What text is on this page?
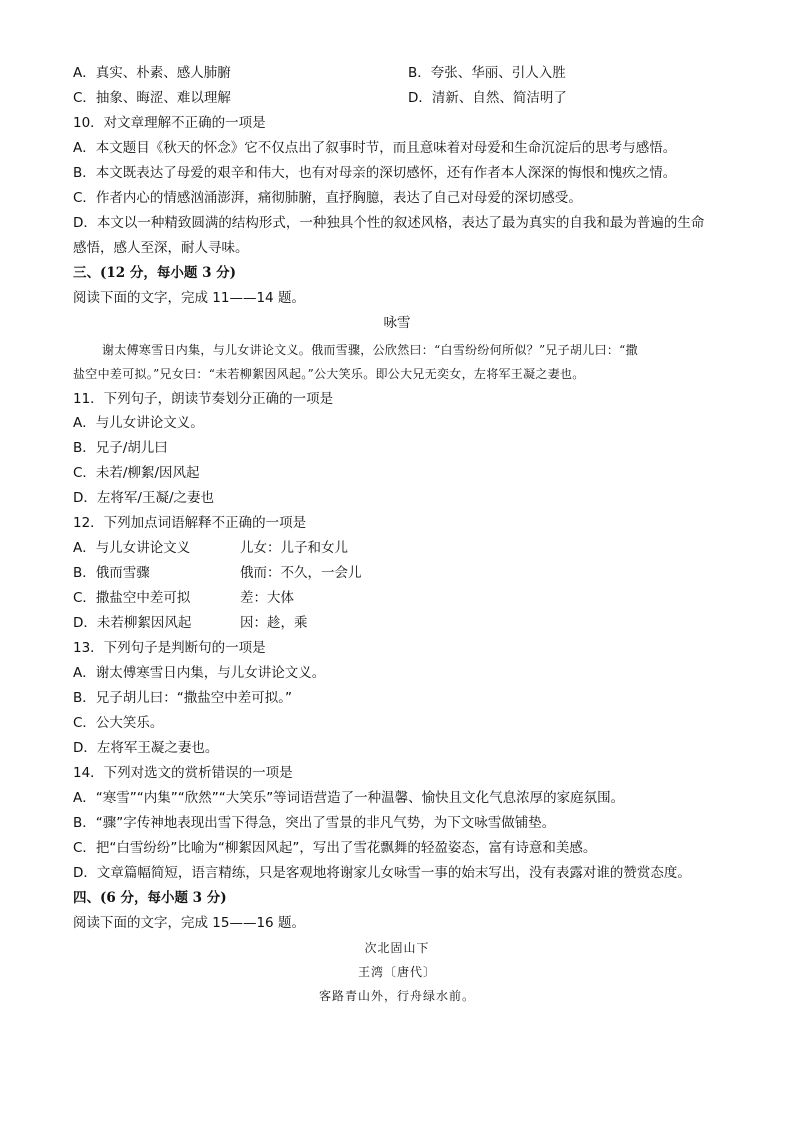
A．真实、朴素、感人肺腑	B．夸张、华丽、引人入胜
C．抽象、晦涩、难以理解	D．清新、自然、简洁明了
10．对文章理解不正确的一项是
A．本文题目《秋天的怀念》它不仅点出了叙事时节，而且意味着对母爱和生命沉淀后的思考与感悟。
B．本文既表达了母爱的艰辛和伟大，也有对母亲的深切感怀，还有作者本人深深的悔恨和愧疚之情。
C．作者内心的情感汹涌澎湃，痛彻肺腑，直抒胸臆，表达了自己对母爱的深切感受。
D．本文以一种精致圆满的结构形式，一种独具个性的叙述风格，表达了最为真实的自我和最为普遍的生命
感悟，感人至深，耐人寻味。
三、(12 分，每小题 3 分)
阅读下面的文字，完成 11——14 题。
咏雪
谢太傅寒雪日内集，与儿女讲论文义。俄而雪骤，公欣然曰：“白雪纷纷何所似？”兄子胡儿曰：“撒
盐空中差可拟。”兄女曰：“未若柳絮因风起。”公大笑乐。即公大兄无奕女，左将军王凝之妻也。
11．下列句子，朗读节奏划分正确的一项是
A．与儿女讲论文义。
B．兄子/胡儿曰
C．未若/柳絮/因风起
D．左将军/王凝/之妻也
12．下列加点词语解释不正确的一项是
A．与儿女讲论文义	儿女：儿子和女儿
B．俄而雪骤	俄而：不久，一会儿
C．撒盐空中差可拟	差：大体
D．未若柳絮因风起	因：趁，乘
13．下列句子是判断句的一项是
A．谢太傅寒雪日内集，与儿女讲论文义。
B．兄子胡儿曰：“撒盐空中差可拟。”
C．公大笑乐。
D．左将军王凝之妻也。
14．下列对选文的赏析错误的一项是
A．“寒雪”“内集”“欣然”“大笑乐”等词语营造了一种温馨、愉快且文化气息浓厚的家庭氛围。
B．“骤”字传神地表现出雪下得急，突出了雪景的非凡气势，为下文咏雪做铺垫。
C．把“白雪纷纷”比喻为“柳絮因风起”，写出了雪花飘舞的轻盈姿态，富有诗意和美感。
D．文章篇幅简短，语言精练，只是客观地将谢家儿女咏雪一事的始末写出，没有表露对谁的赞赏态度。
四、(6 分，每小题 3 分)
阅读下面的文字，完成 15——16 题。
次北固山下
王湾〔唐代〕
客路青山外，行舟绿水前。
